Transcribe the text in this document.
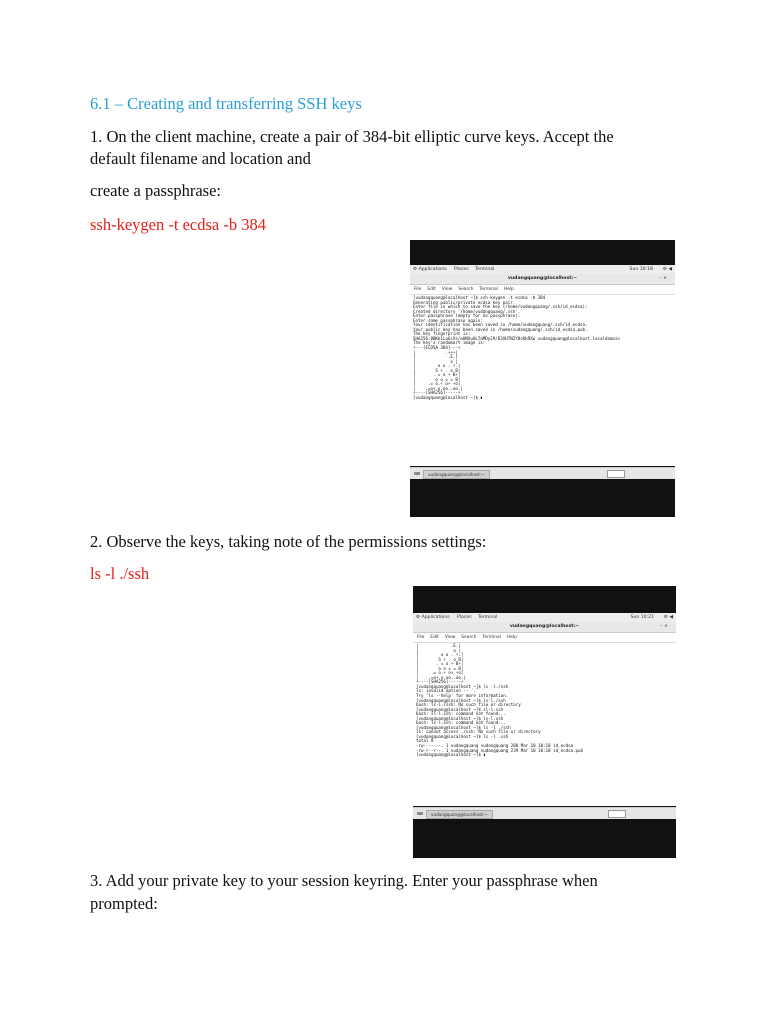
6.1 – Creating and transferring SSH keys

1. On the client machine, create a pair of 384-bit elliptic curve keys. Accept the

default filename and location and

create a passphrase:

ssh-keygen -t ecdsa -b 384

⚙ Applications Places Terminal	Sun 10:18 ⚙ ◀
vudangquang@localhost:~	– ×
File Edit View Search Terminal Help
[vudangquang@localhost ~]$ ssh-keygen -t ecdsa -b 384
Generating public/private ecdsa key pair.
Enter file in which to save the key (/home/vudangquang/.ssh/id_ecdsa):
Created directory '/home/vudangquang/.ssh'.
Enter passphrase (empty for no passphrase):
Enter same passphrase again:
Your identification has been saved in /home/vudangquang/.ssh/id_ecdsa.
Your public key has been saved in /home/vudangquang/.ssh/id_ecdsa.pub.
The key fingerprint is:
SHA256:8BKb1LaGcXs/eHNXuUL7aMDy29/D3XH7N2Y8cKkRXw vudangquang@localhost.localdomain
The key's randomart image is:
+---[ECDSA 384]---+
|            .+++|
|             .E.|
|              o |
|         o o . +.|
|        S + . o B|
|       . = o + B+|
|        o o = = B|
|     .= o.+ o+ +o|
|    .=o+.o.oo..oo.|
+----[SHA256]-----+
[vudangquang@localhost ~]$ ▮
⌨	vudangquang@localhost:~

2. Observe the keys, taking note of the permissions settings:

ls -l ./ssh

⚙ Applications Places Terminal	Sun 10:21 ⚙ ◀
vudangquang@localhost:~	– ×
File Edit View Search Terminal Help
|             .E.|
|              o |
|         o o . +.|
|        S + . o B|
|       . = o + B+|
|        o o = = B|
|     .= o.+ o+ +o|
|    .=o+.o.oo..oo.|
+----[SHA256]-----+
[vudangquang@localhost ~]$ ls -l./ssh
ls: invalid option -- '.'
Try 'ls --help' for more information.
[vudangquang@localhost ~]$ ls-l./ssh
bash: ls-l./ssh: No such file or directory
[vudangquang@localhost ~]$ sl-l.ssh
bash: sl-l.ssh: command not found...
[vudangquang@localhost ~]$ ls-l.ssh
bash: ls-l.ssh: command not found...
[vudangquang@localhost ~]$ ls -l ./ssh
ls: cannot access ./ssh: No such file or directory
[vudangquang@localhost ~]$ ls -l .ssh
total 8
-rw-------. 1 vudangquang vudangquang 288 Mar 10 10:18 id_ecdsa
-rw-r--r--. 1 vudangquang vudangquang 239 Mar 10 10:18 id_ecdsa.pub
[vudangquang@localhost ~]$ ▮
⌨	vudangquang@localhost:~

3. Add your private key to your session keyring. Enter your passphrase when

prompted:
